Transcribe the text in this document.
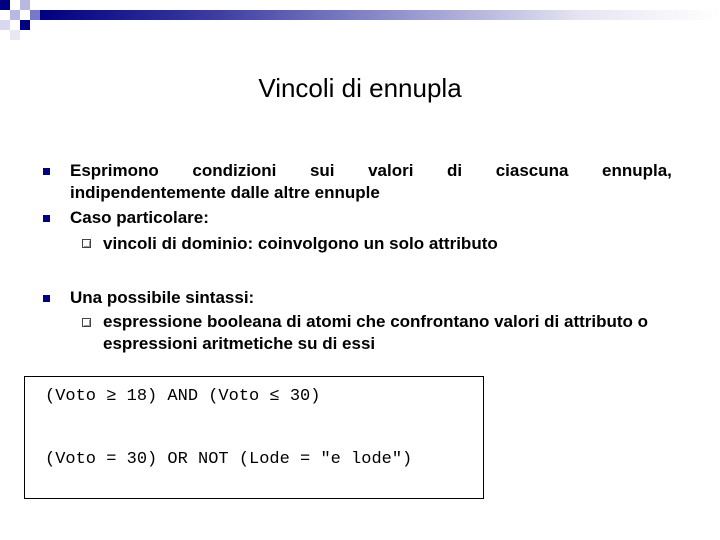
Vincoli di ennupla
Esprimono condizioni sui valori di ciascuna ennupla,
indipendentemente dalle altre ennuple
Caso particolare:
vincoli di dominio: coinvolgono un solo attributo
Una possibile sintassi:
espressione booleana di atomi che confrontano valori di attributo o
espressioni aritmetiche su di essi
(Voto ≥ 18) AND (Voto ≤ 30)
(Voto = 30) OR NOT (Lode = "e lode")
